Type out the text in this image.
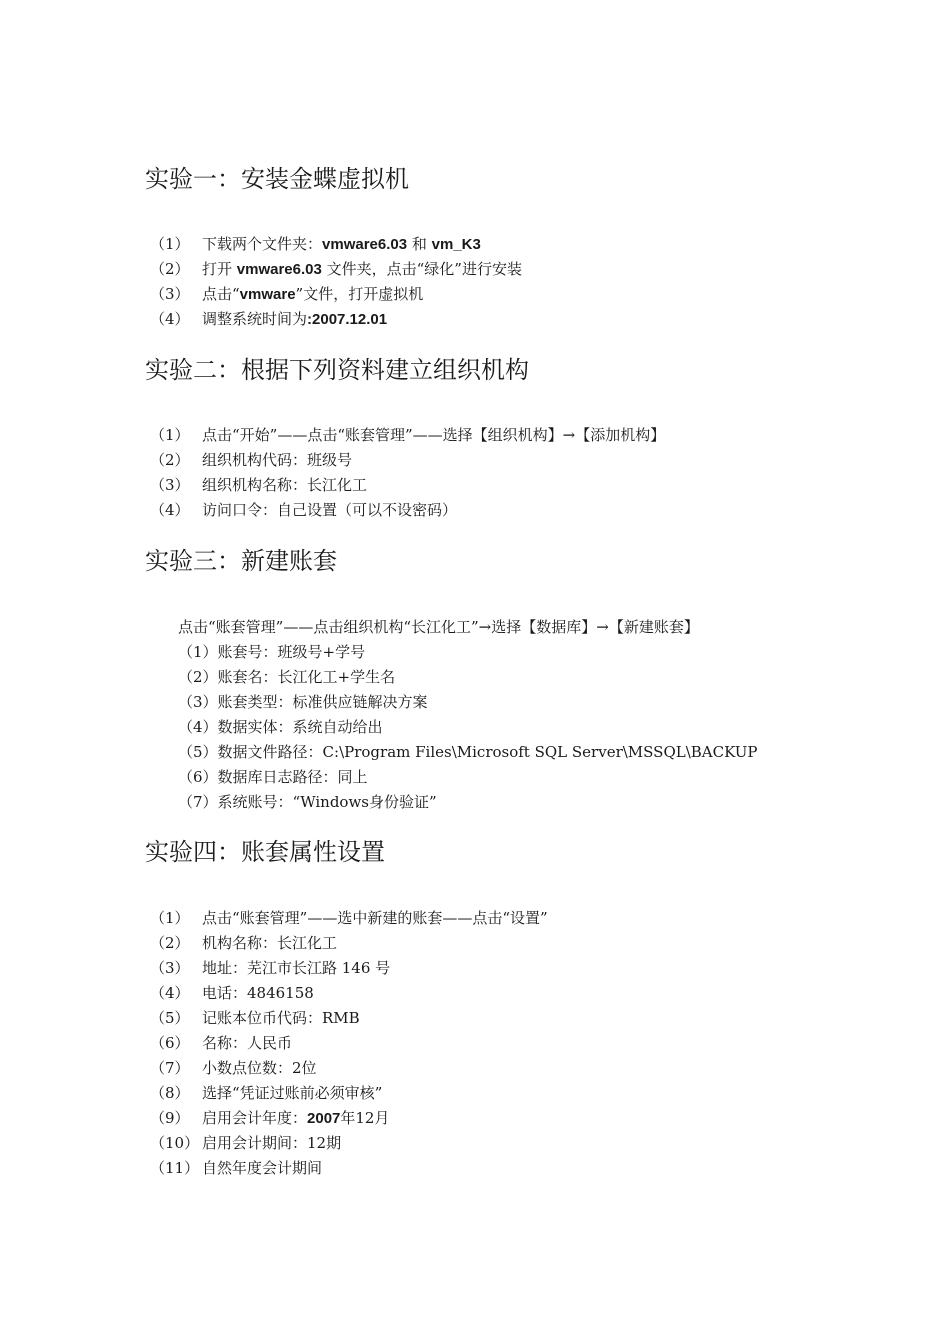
实验一：安装金蝶虚拟机
（1） 下载两个文件夹：vmware6.03 和 vm_K3
（2） 打开 vmware6.03 文件夹，点击“绿化”进行安装
（3） 点击“vmware”文件，打开虚拟机
（4） 调整系统时间为:2007.12.01
实验二：根据下列资料建立组织机构
（1） 点击“开始”——点击“账套管理”——选择【组织机构】→【添加机构】
（2） 组织机构代码：班级号
（3） 组织机构名称：长江化工
（4） 访问口令：自己设置（可以不设密码）
实验三：新建账套
点击“账套管理”——点击组织机构“长江化工”→选择【数据库】→【新建账套】
（1）账套号：班级号+学号
（2）账套名：长江化工+学生名
（3）账套类型：标准供应链解决方案
（4）数据实体：系统自动给出
（5）数据文件路径：C:\Program Files\Microsoft SQL Server\MSSQL\BACKUP
（6）数据库日志路径：同上
（7）系统账号：“Windows身份验证”
实验四：账套属性设置
（1） 点击“账套管理”——选中新建的账套——点击“设置”
（2） 机构名称：长江化工
（3） 地址：芜江市长江路 146 号
（4） 电话：4846158
（5） 记账本位币代码：RMB
（6） 名称：人民币
（7） 小数点位数：2位
（8） 选择“凭证过账前必须审核”
（9） 启用会计年度：2007年12月
（10） 启用会计期间：12期
（11） 自然年度会计期间
